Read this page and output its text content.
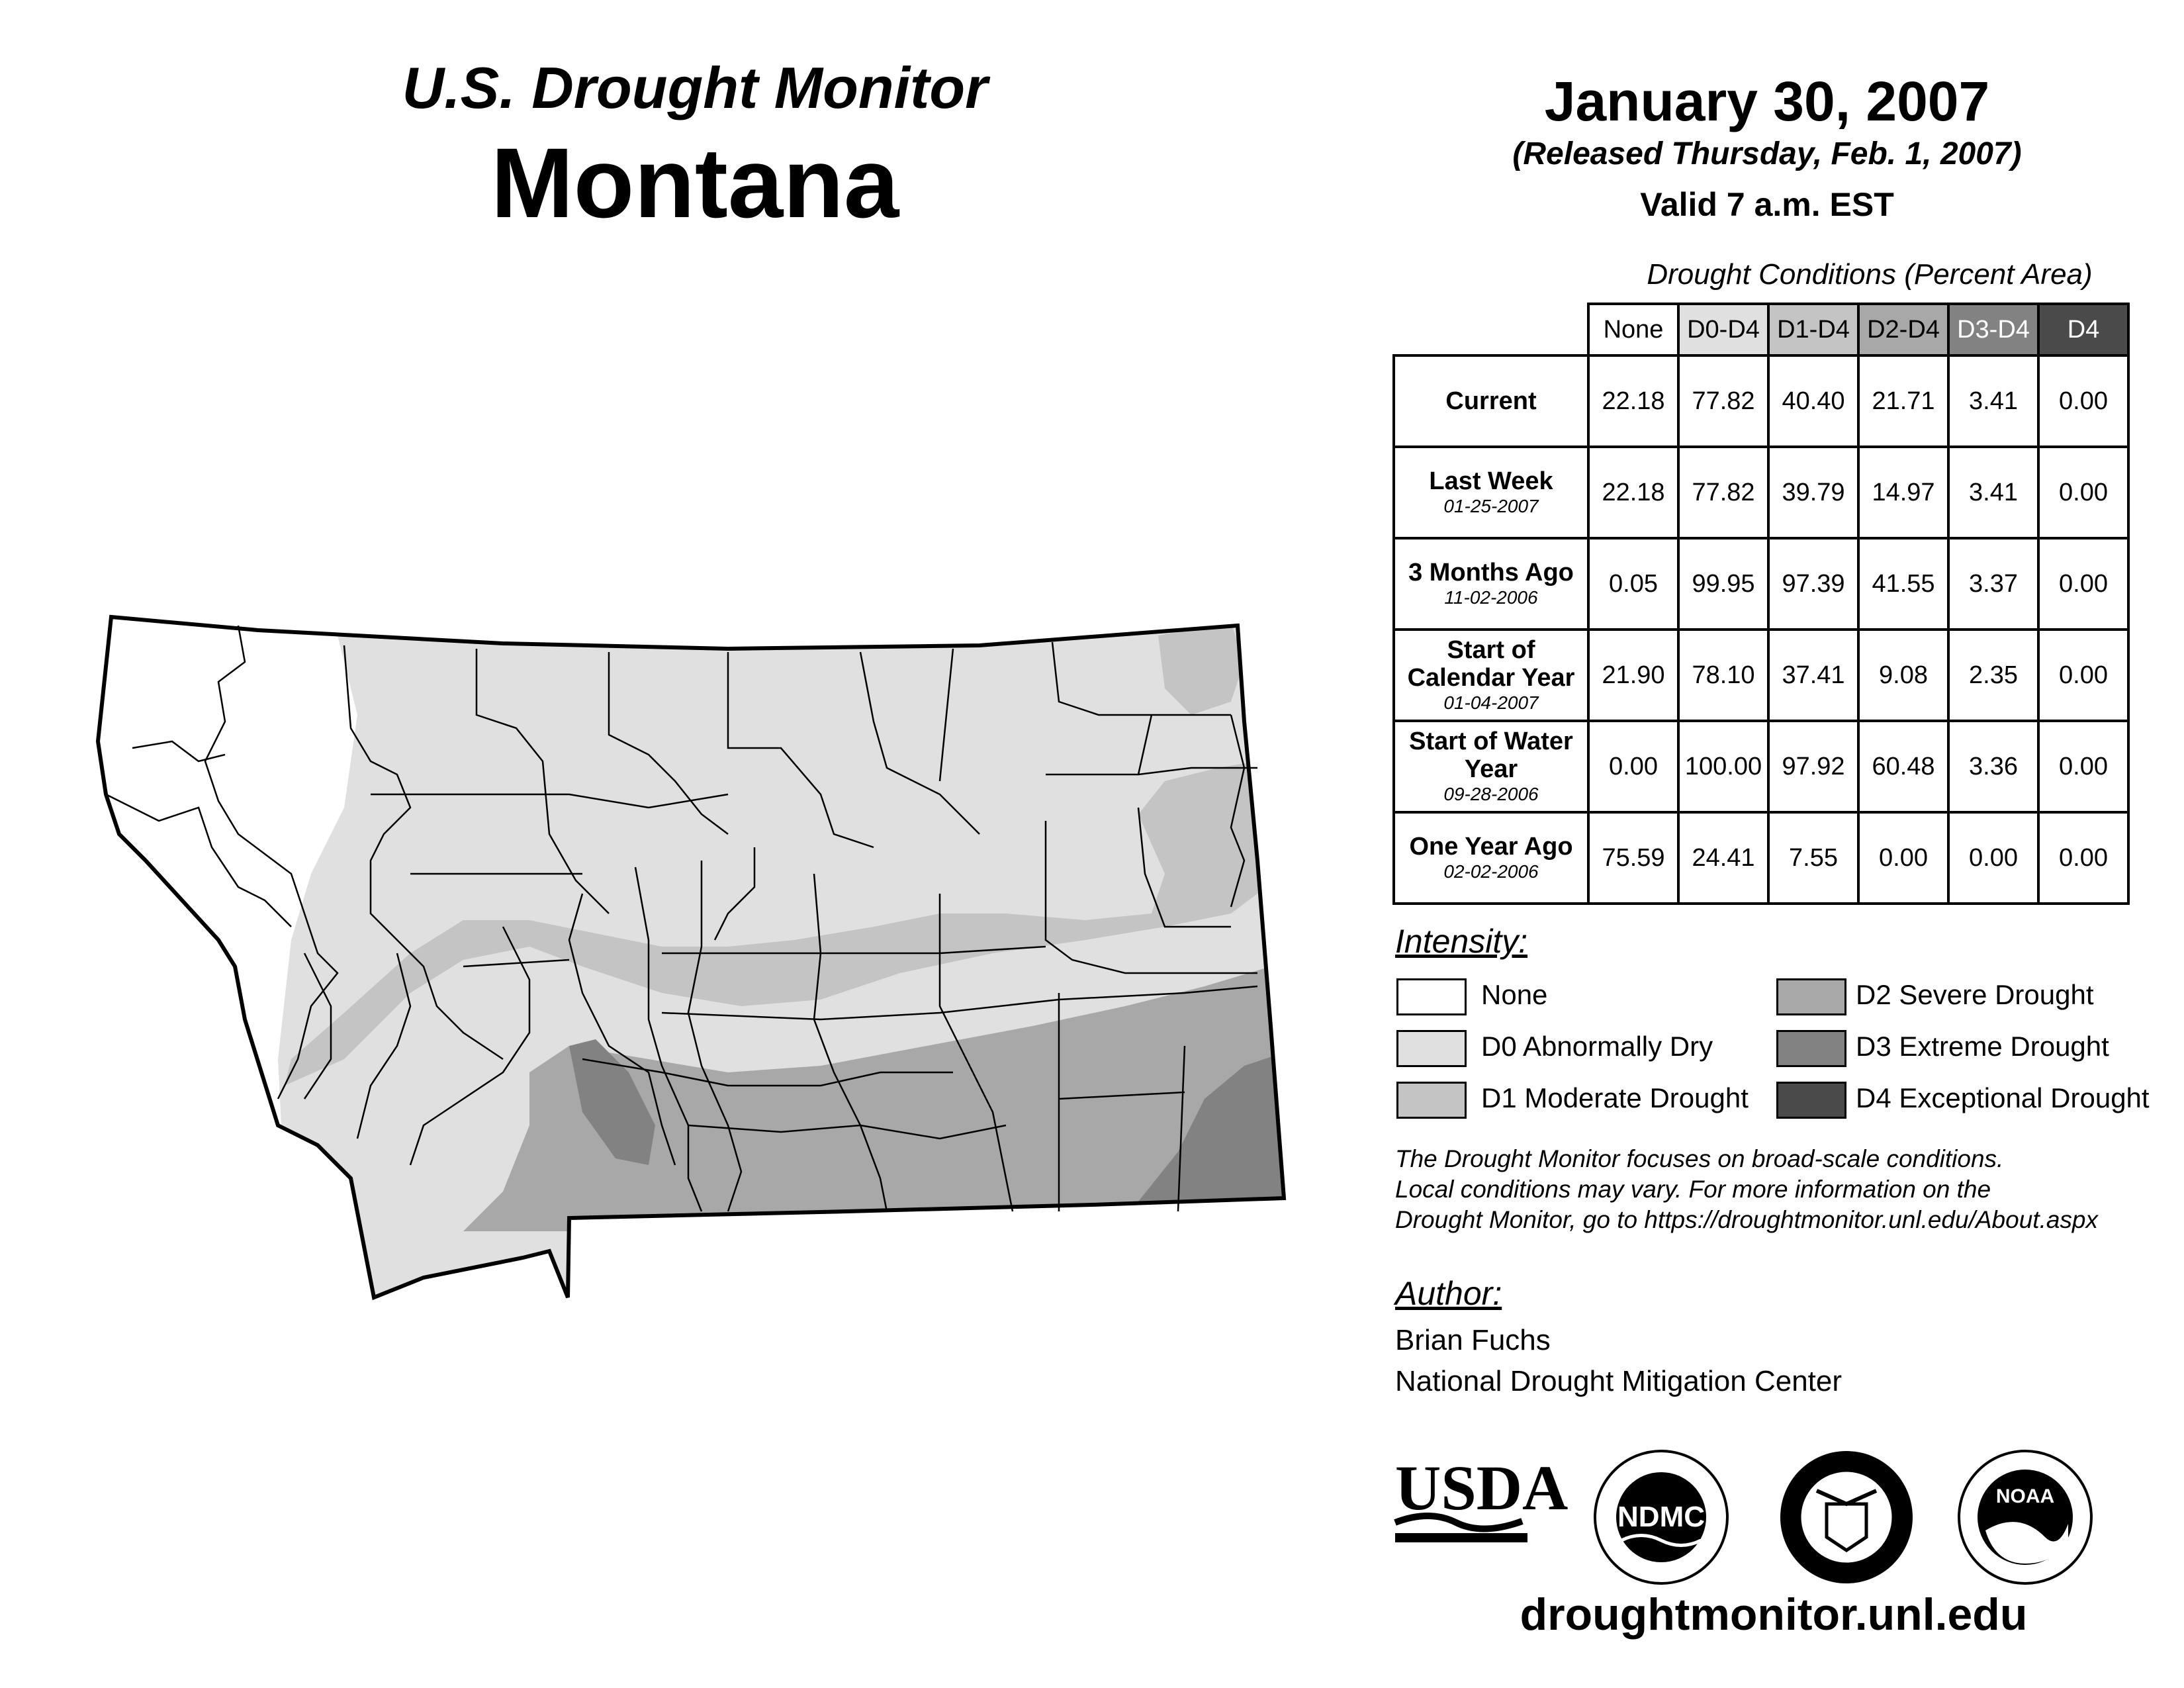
U.S. Drought Monitor
Montana
January 30, 2007
(Released Thursday, Feb. 1, 2007)
Valid 7 a.m. EST
Drought Conditions (Percent Area)
	None	D0-D4	D1-D4	D2-D4	D3-D4	D4
Current	22.18	77.82	40.40	21.71	3.41	0.00
Last Week
01-25-2007	22.18	77.82	39.79	14.97	3.41	0.00
3 Months Ago
11-02-2006	0.05	99.95	97.39	41.55	3.37	0.00
Start of Calendar Year
01-04-2007	21.90	78.10	37.41	9.08	2.35	0.00
Start of Water Year
09-28-2006	0.00	100.00	97.92	60.48	3.36	0.00
One Year Ago
02-02-2006	75.59	24.41	7.55	0.00	0.00	0.00
Intensity:
None
D0 Abnormally Dry
D1 Moderate Drought
D2 Severe Drought
D3 Extreme Drought
D4 Exceptional Drought
The Drought Monitor focuses on broad-scale conditions.
Local conditions may vary. For more information on the
Drought Monitor, go to https://droughtmonitor.unl.edu/About.aspx
Author:
Brian Fuchs
National Drought Mitigation Center
USDA NDMC
NOAA
droughtmonitor.unl.edu
